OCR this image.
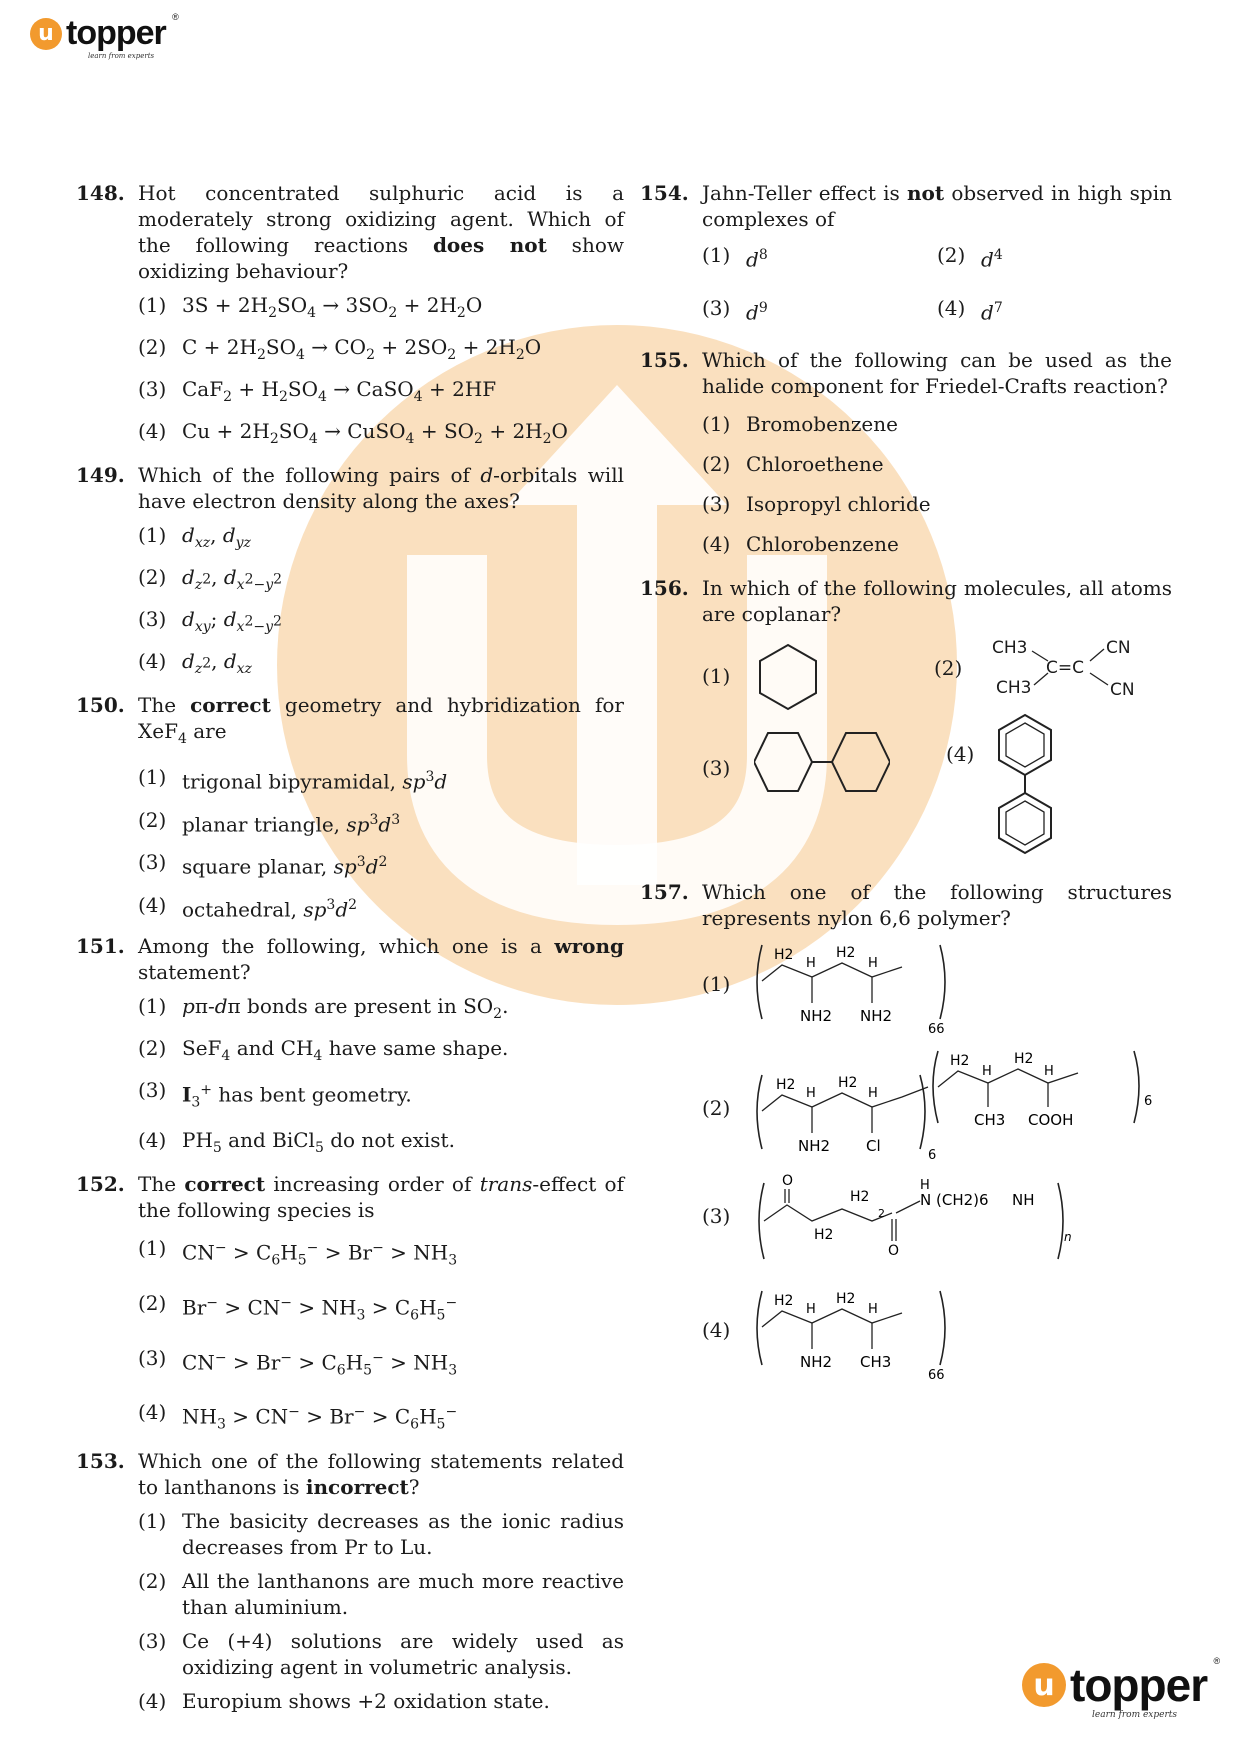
u topper ®
learn from experts
148. Hot concentrated sulphuric acid is a moderately strong oxidizing agent. Which of the following reactions does not show oxidizing behaviour?
(1) $3S + 2H_2SO_4 \to 3SO_2 + 2H_2O$
(2) $C + 2H_2SO_4 \to CO_2 + 2SO_2 + 2H_2O$
(3) $CaF_2 + H_2SO_4$ → CaSO$_4$ + 2HF
(4) $Cu + 2H_2SO_4$ → CuSO$_4$ + $SO_2 + 2H_2O$
149. Which of the following pairs of d-orbitals will have electron density along the axes?
(1) $d_{xz}$, $d_{yz}$
(2) $d_{z^2}$, $d_{x^2-y^2}$
(3) $d_{xy}$; $d_{x^2-y^2}$
(4) $d_{z^2}$, $d_{xz}$
150. The correct geometry and hybridization for XeF$_4$ are
(1) trigonal bipyramidal, $sp^3d$
(2) planar triangle, $sp^3d^3$
(3) square planar, $sp^3d^2$
(4) octahedral, $sp^3d^2$
151. Among the following, which one is a wrong statement?
(1) pπ-dπ bonds are present in $SO_2$.
(2) SeF$_4$ and $CH_4$ have same shape.
(3) $I_3^+$ has bent geometry.
(4) $PH_5$ and BiCl$_5$ do not exist.
152. The correct increasing order of trans-effect of the following species is
(1) $CN^- > C_6H_5^- > Br^- > NH_3$
(2) $Br^- > CN^- > NH_3 > C_6H_5^-$
(3) $CN^- > Br^- > C_6H_5^- > NH_3$
(4) $NH_3 > CN^- > Br^- > C_6H_5^-$
153. Which one of the following statements related to lanthanons is incorrect?
(1) The basicity decreases as the ionic radius decreases from Pr to Lu.
(2) All the lanthanons are much more reactive than aluminium.
(3) Ce (+4) solutions are widely used as oxidizing agent in volumetric analysis.
(4) Europium shows +2 oxidation state.
154. Jahn-Teller effect is not observed in high spin complexes of
(1) $d^8$	(2) $d^4$
(3) $d^9$	(4) $d^7$
155. Which of the following can be used as the halide component for Friedel-Crafts reaction?
(1) Bromobenzene
(2) Chloroethene
(3) Isopropyl chloride
(4) Chlorobenzene
156. In which of the following molecules, all atoms are coplanar?
(1)	(2)
CH3
CH3
C=C
CN
CN
(3)
(4)
157. Which one of the following structures represents nylon 6,6 polymer?
(1)
H2
H
H2
H
NH2 NH2
66
(2)
H2
H
H2
H
NH2 Cl
6
H2
H
H2
H
CH3 COOH
6
(3)
O
H2
H2
2
O
H
N (CH2)6 NH
n
(4)
H2
H
H2
H
NH2 CH3
66
u topper ®
learn from experts
